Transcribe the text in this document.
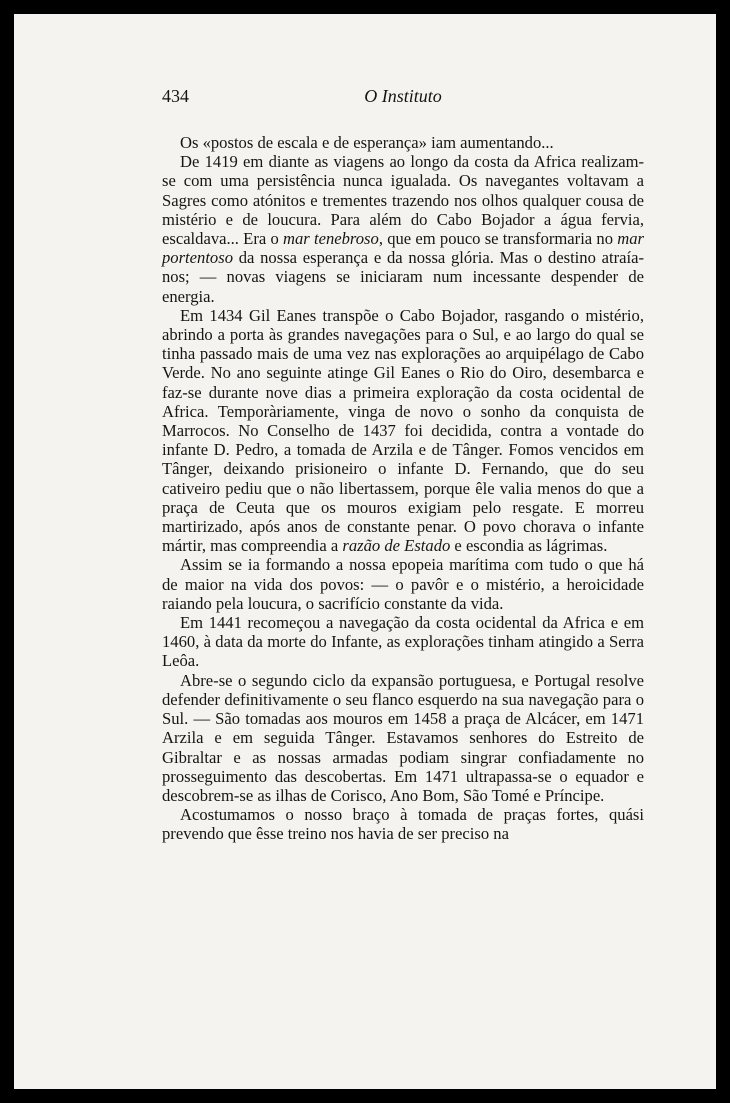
434	O Instituto

Os «postos de escala e de esperança» iam aumentando...

De 1419 em diante as viagens ao longo da costa da Africa realizam-se com uma persistência nunca igualada. Os navegantes voltavam a Sagres como atónitos e trementes trazendo nos olhos qualquer cousa de mistério e de loucura. Para além do Cabo Bojador a água fervia, escaldava... Era o mar tenebroso, que em pouco se transformaria no mar portentoso da nossa esperança e da nossa glória. Mas o destino atraía-nos; — novas viagens se iniciaram num incessante despender de energia.

Em 1434 Gil Eanes transpõe o Cabo Bojador, rasgando o mistério, abrindo a porta às grandes navegações para o Sul, e ao largo do qual se tinha passado mais de uma vez nas explorações ao arquipélago de Cabo Verde. No ano seguinte atinge Gil Eanes o Rio do Oiro, desembarca e faz-se durante nove dias a primeira exploração da costa ocidental de Africa. Temporàriamente, vinga de novo o sonho da conquista de Marrocos. No Conselho de 1437 foi decidida, contra a vontade do infante D. Pedro, a tomada de Arzila e de Tânger. Fomos vencidos em Tânger, deixando prisioneiro o infante D. Fernando, que do seu cativeiro pediu que o não libertassem, porque êle valia menos do que a praça de Ceuta que os mouros exigiam pelo resgate. E morreu martirizado, após anos de constante penar. O povo chorava o infante mártir, mas compreendia a razão de Estado e escondia as lágrimas.

Assim se ia formando a nossa epopeia marítima com tudo o que há de maior na vida dos povos: — o pavôr e o mistério, a heroicidade raiando pela loucura, o sacrifício constante da vida.

Em 1441 recomeçou a navegação da costa ocidental da Africa e em 1460, à data da morte do Infante, as explorações tinham atingido a Serra Leôa.

Abre-se o segundo ciclo da expansão portuguesa, e Portugal resolve defender definitivamente o seu flanco esquerdo na sua navegação para o Sul. — São tomadas aos mouros em 1458 a praça de Alcácer, em 1471 Arzila e em seguida Tânger. Estavamos senhores do Estreito de Gibraltar e as nossas armadas podiam singrar confiadamente no prosseguimento das descobertas. Em 1471 ultrapassa-se o equador e descobrem-se as ilhas de Corisco, Ano Bom, São Tomé e Príncipe.

Acostumamos o nosso braço à tomada de praças fortes, quási prevendo que êsse treino nos havia de ser preciso na
